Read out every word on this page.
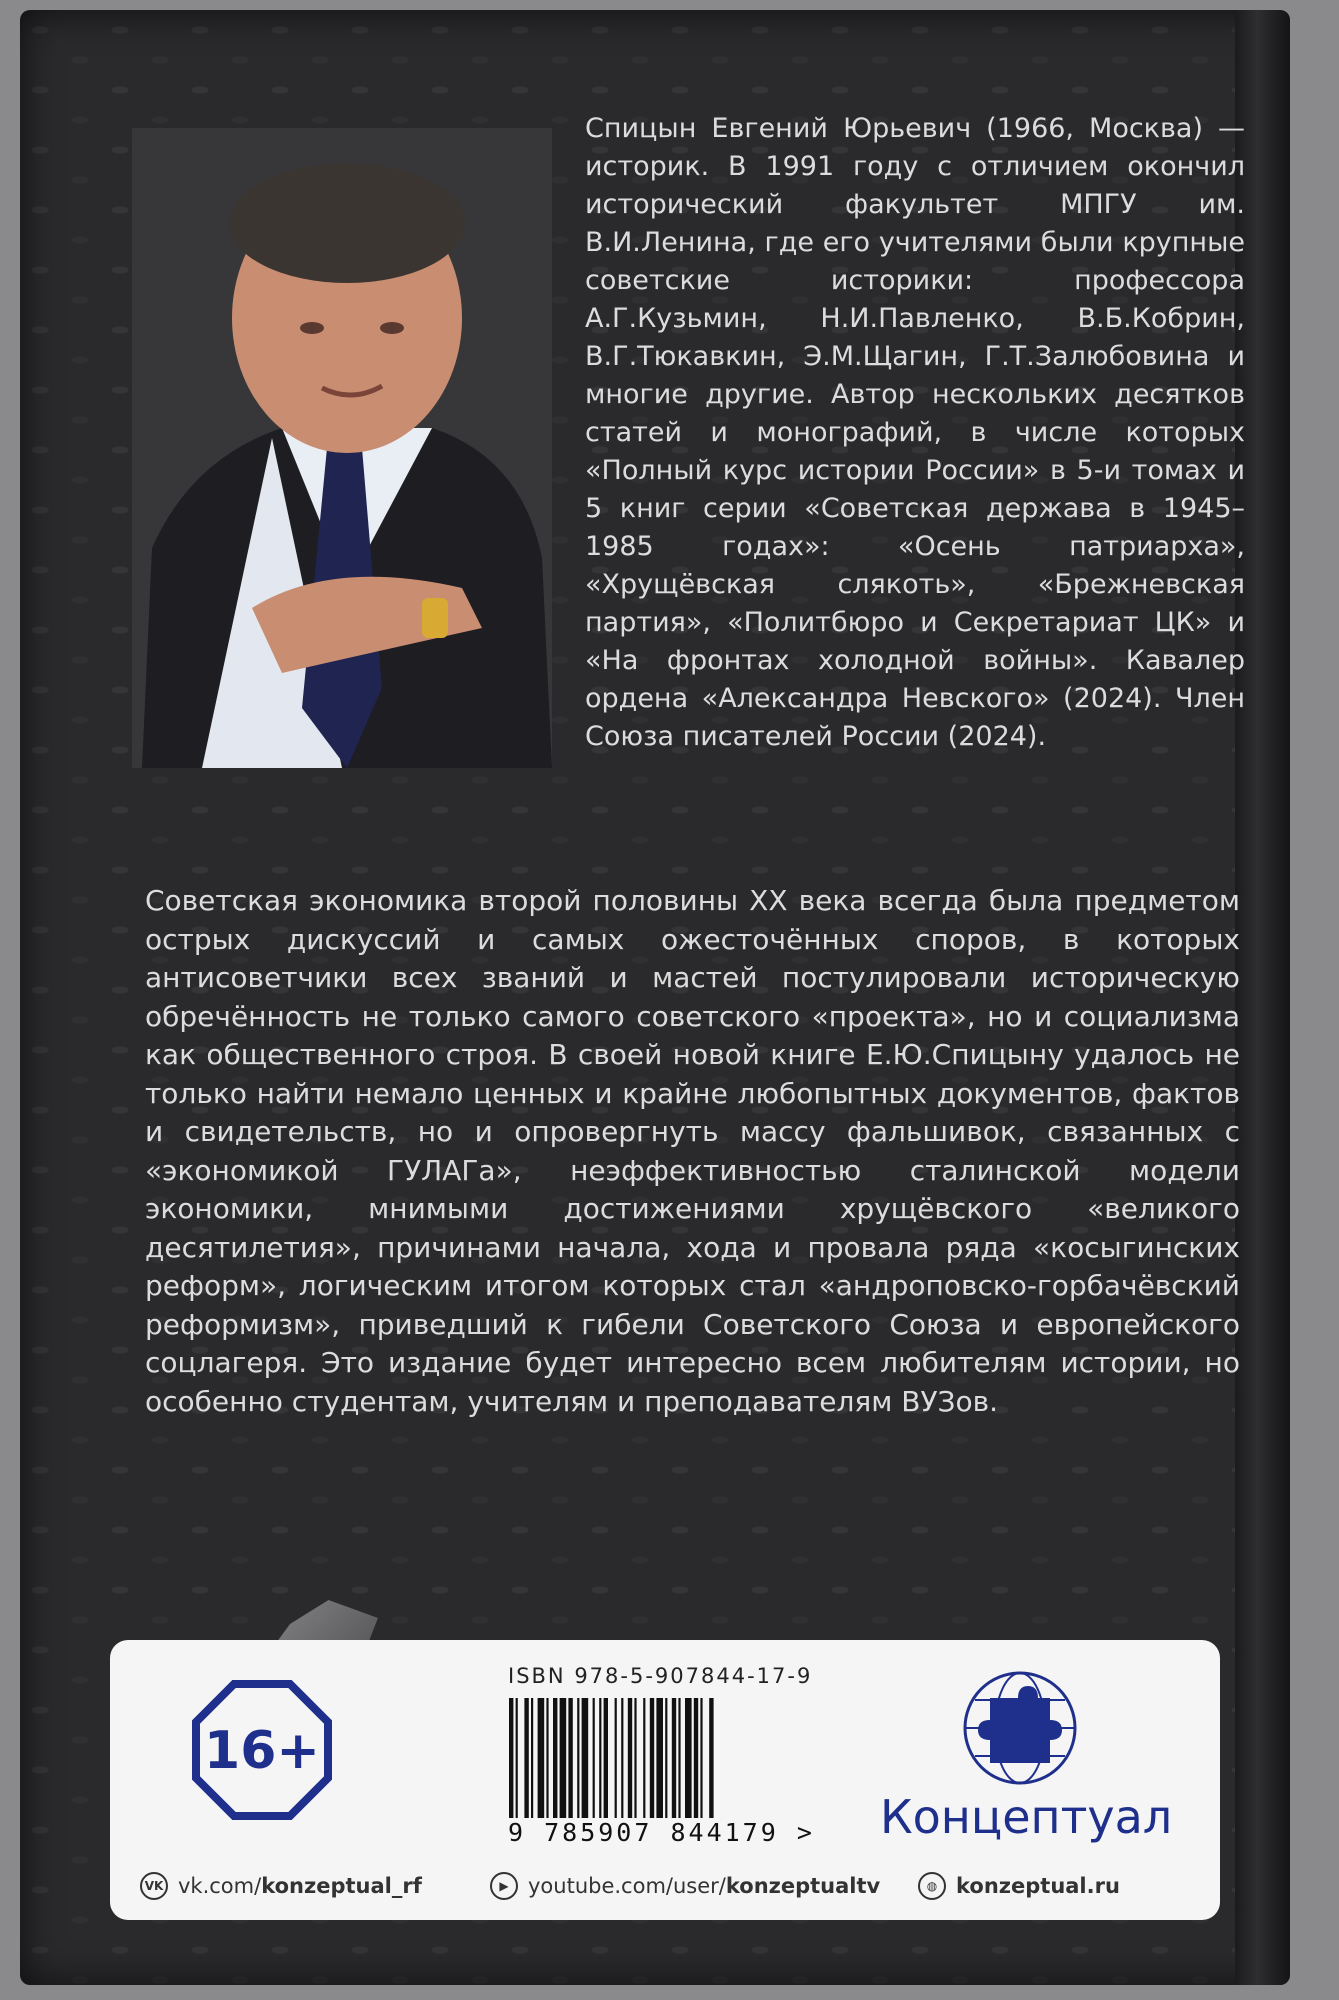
Спицын Евгений Юрьевич (1966, Москва) — историк. В 1991 году с отличием окончил исторический факультет МПГУ им. В.И.Ленина, где его учителями были крупные советские историки: профессора А.Г.Кузьмин, Н.И.Павленко, В.Б.Кобрин, В.Г.Тюкавкин, Э.М.Щагин, Г.Т.Залюбовина и многие другие. Автор нескольких десятков статей и монографий, в числе которых «Полный курс истории России» в 5-и томах и 5 книг серии «Советская держава в 1945–1985 годах»: «Осень патриарха», «Хрущёвская слякоть», «Брежневская партия», «Политбюро и Секретариат ЦК» и «На фронтах холодной войны». Кавалер ордена «Александра Невского» (2024). Член Союза писателей России (2024).

Советская экономика второй половины XX века всегда была предметом острых дискуссий и самых ожесточённых споров, в которых антисоветчики всех званий и мастей постулировали историческую обречённость не только самого советского «проекта», но и социализма как общественного строя. В своей новой книге Е.Ю.Спицыну удалось не только найти немало ценных и крайне любопытных документов, фактов и свидетельств, но и опровергнуть массу фальшивок, связанных с «экономикой ГУЛАГа», неэффективностью сталинской модели экономики, мнимыми достижениями хрущёвского «великого десятилетия», причинами начала, хода и провала ряда «косыгинских реформ», логическим итогом которых стал «андроповско-горбачёвский реформизм», приведший к гибели Советского Союза и европейского соцлагеря. Это издание будет интересно всем любителям истории, но особенно студентам, учителям и преподавателям ВУЗов.

16+
ISBN 978-5-907844-17-9
9 785907 844179 > Концептуал
VK vk.com/konzeptual_rf	▶ youtube.com/user/konzeptualtv	◍ konzeptual.ru
